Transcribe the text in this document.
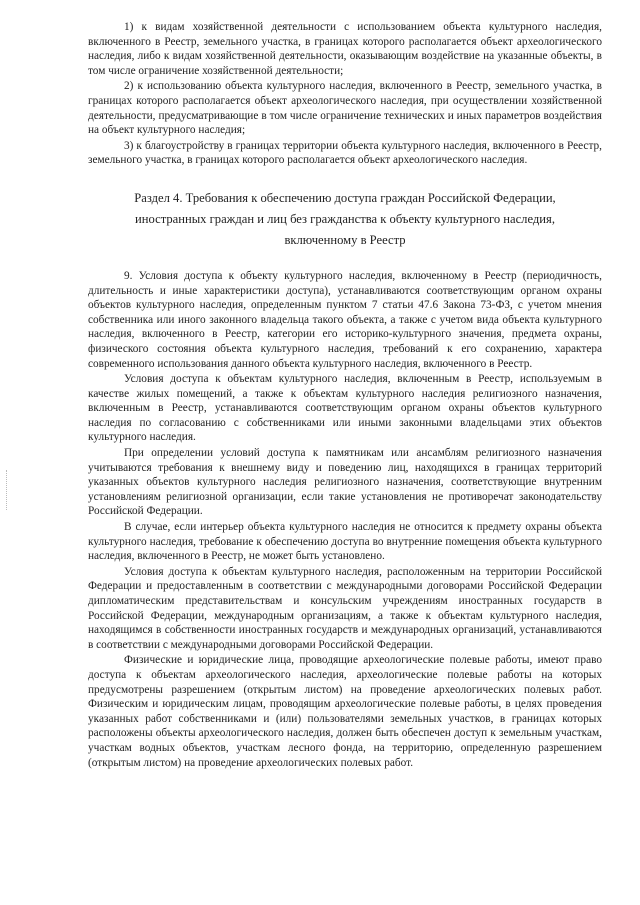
1) к видам хозяйственной деятельности с использованием объекта культурного наследия, включенного в Реестр, земельного участка, в границах которого располагается объект археологического наследия, либо к видам хозяйственной деятельности, оказывающим воздействие на указанные объекты, в том числе ограничение хозяйственной деятельности;

2) к использованию объекта культурного наследия, включенного в Реестр, земельного участка, в границах которого располагается объект археологического наследия, при осуществлении хозяйственной деятельности, предусматривающие в том числе ограничение технических и иных параметров воздействия на объект культурного наследия;

3) к благоустройству в границах территории объекта культурного наследия, включенного в Реестр, земельного участка, в границах которого располагается объект археологического наследия.

Раздел 4. Требования к обеспечению доступа граждан Российской Федерации, иностранных граждан и лиц без гражданства к объекту культурного наследия, включенному в Реестр

9. Условия доступа к объекту культурного наследия, включенному в Реестр (периодичность, длительность и иные характеристики доступа), устанавливаются соответствующим органом охраны объектов культурного наследия, определенным пунктом 7 статьи 47.6 Закона 73-ФЗ, с учетом мнения собственника или иного законного владельца такого объекта, а также с учетом вида объекта культурного наследия, включенного в Реестр, категории его историко-культурного значения, предмета охраны, физического состояния объекта культурного наследия, требований к его сохранению, характера современного использования данного объекта культурного наследия, включенного в Реестр.

Условия доступа к объектам культурного наследия, включенным в Реестр, используемым в качестве жилых помещений, а также к объектам культурного наследия религиозного назначения, включенным в Реестр, устанавливаются соответствующим органом охраны объектов культурного наследия по согласованию с собственниками или иными законными владельцами этих объектов культурного наследия.

При определении условий доступа к памятникам или ансамблям религиозного назначения учитываются требования к внешнему виду и поведению лиц, находящихся в границах территорий указанных объектов культурного наследия религиозного назначения, соответствующие внутренним установлениям религиозной организации, если такие установления не противоречат законодательству Российской Федерации.

В случае, если интерьер объекта культурного наследия не относится к предмету охраны объекта культурного наследия, требование к обеспечению доступа во внутренние помещения объекта культурного наследия, включенного в Реестр, не может быть установлено.

Условия доступа к объектам культурного наследия, расположенным на территории Российской Федерации и предоставленным в соответствии с международными договорами Российской Федерации дипломатическим представительствам и консульским учреждениям иностранных государств в Российской Федерации, международным организациям, а также к объектам культурного наследия, находящимся в собственности иностранных государств и международных организаций, устанавливаются в соответствии с международными договорами Российской Федерации.

Физические и юридические лица, проводящие археологические полевые работы, имеют право доступа к объектам археологического наследия, археологические полевые работы на которых предусмотрены разрешением (открытым листом) на проведение археологических полевых работ. Физическим и юридическим лицам, проводящим археологические полевые работы, в целях проведения указанных работ собственниками и (или) пользователями земельных участков, в границах которых расположены объекты археологического наследия, должен быть обеспечен доступ к земельным участкам, участкам водных объектов, участкам лесного фонда, на территорию, определенную разрешением (открытым листом) на проведение археологических полевых работ.
